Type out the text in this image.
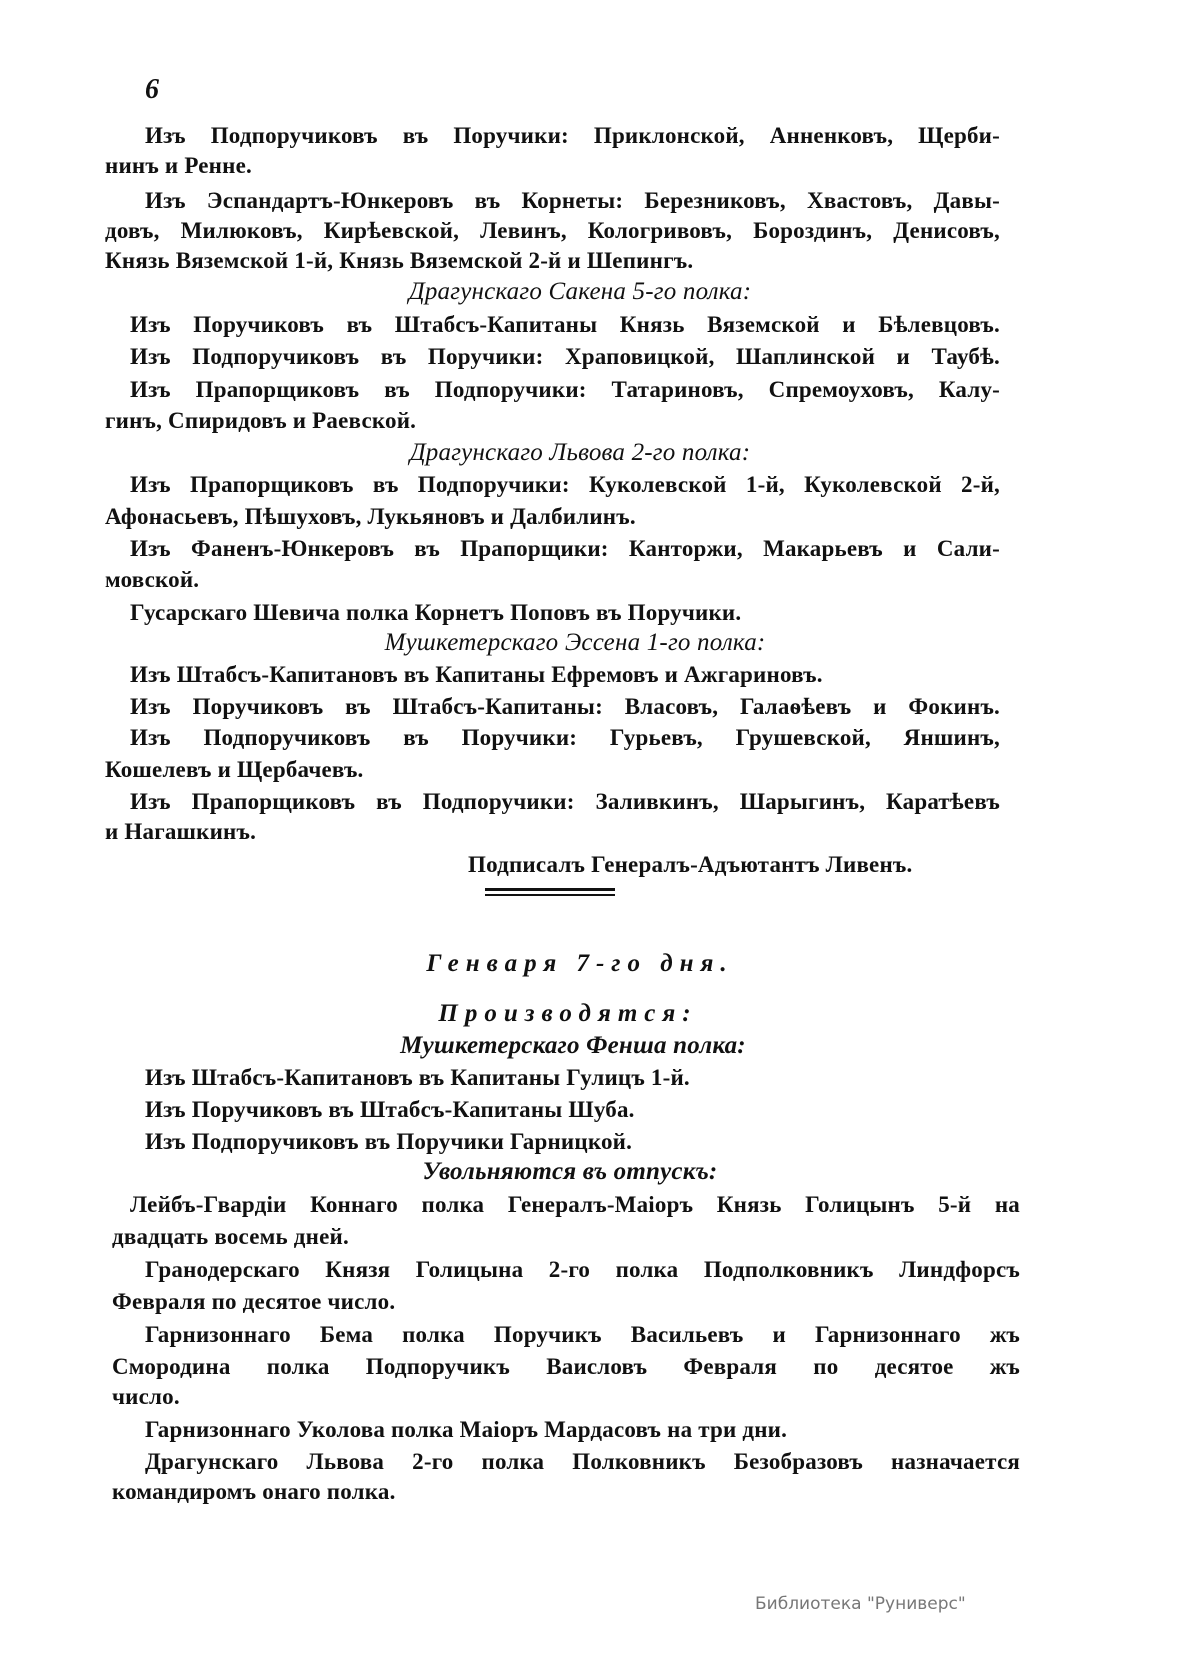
6
Изъ Подпоручиковъ въ Поручики: Приклонской, Анненковъ, Щерби-
нинъ и Ренне.
Изъ Эспандартъ-Юнкеровъ въ Корнеты: Березниковъ, Хвастовъ, Давы-
довъ, Милюковъ, Кирѣевской, Левинъ, Кологривовъ, Бороздинъ, Денисовъ,
Князь Вяземской 1-й, Князь Вяземской 2-й и Шепингъ.
Драгунскаго Сакена 5-го полка:
Изъ Поручиковъ въ Штабсъ-Капитаны Князь Вяземской и Бѣлевцовъ.
Изъ Подпоручиковъ въ Поручики: Храповицкой, Шаплинской и Таубѣ.
Изъ Прапорщиковъ въ Подпоручики: Татариновъ, Спремоуховъ, Калу-
гинъ, Спиридовъ и Раевской.
Драгунскаго Львова 2-го полка:
Изъ Прапорщиковъ въ Подпоручики: Куколевской 1-й, Куколевской 2-й,
Афонасьевъ, Пѣшуховъ, Лукьяновъ и Далбилинъ.
Изъ Фаненъ-Юнкеровъ въ Прапорщики: Канторжи, Макарьевъ и Сали-
мовской.
Гусарскаго Шевича полка Корнетъ Поповъ въ Поручики.
Мушкетерскаго Эссена 1-го полка:
Изъ Штабсъ-Капитановъ въ Капитаны Ефремовъ и Ажгариновъ.
Изъ Поручиковъ въ Штабсъ-Капитаны: Власовъ, Галаѳѣевъ и Фокинъ.
Изъ Подпоручиковъ въ Поручики: Гурьевъ, Грушевской, Яншинъ,
Кошелевъ и Щербачевъ.
Изъ Прапорщиковъ въ Подпоручики: Заливкинъ, Шарыгинъ, Каратѣевъ
и Нагашкинъ.
Подписалъ Генералъ-Адъютантъ Ливенъ.
Генваря 7-го дня.
Производятся:
Мушкетерскаго Фенша полка:
Изъ Штабсъ-Капитановъ въ Капитаны Гулицъ 1-й.
Изъ Поручиковъ въ Штабсъ-Капитаны Шуба.
Изъ Подпоручиковъ въ Поручики Гарницкой.
Увольняются въ отпускъ:
Лейбъ-Гвардіи Коннаго полка Генералъ-Маіоръ Князь Голицынъ 5-й на
двадцать восемь дней.
Гранодерскаго Князя Голицына 2-го полка Подполковникъ Линдфорсъ
Февраля по десятое число.
Гарнизоннаго Бема полка Поручикъ Васильевъ и Гарнизоннаго жъ
Смородина полка Подпоручикъ Ваисловъ Февраля по десятое жъ
число.
Гарнизоннаго Уколова полка Маіоръ Мардасовъ на три дни.
Драгунскаго Львова 2-го полка Полковникъ Безобразовъ назначается
командиромъ онаго полка.
Библиотека "Руниверс"
